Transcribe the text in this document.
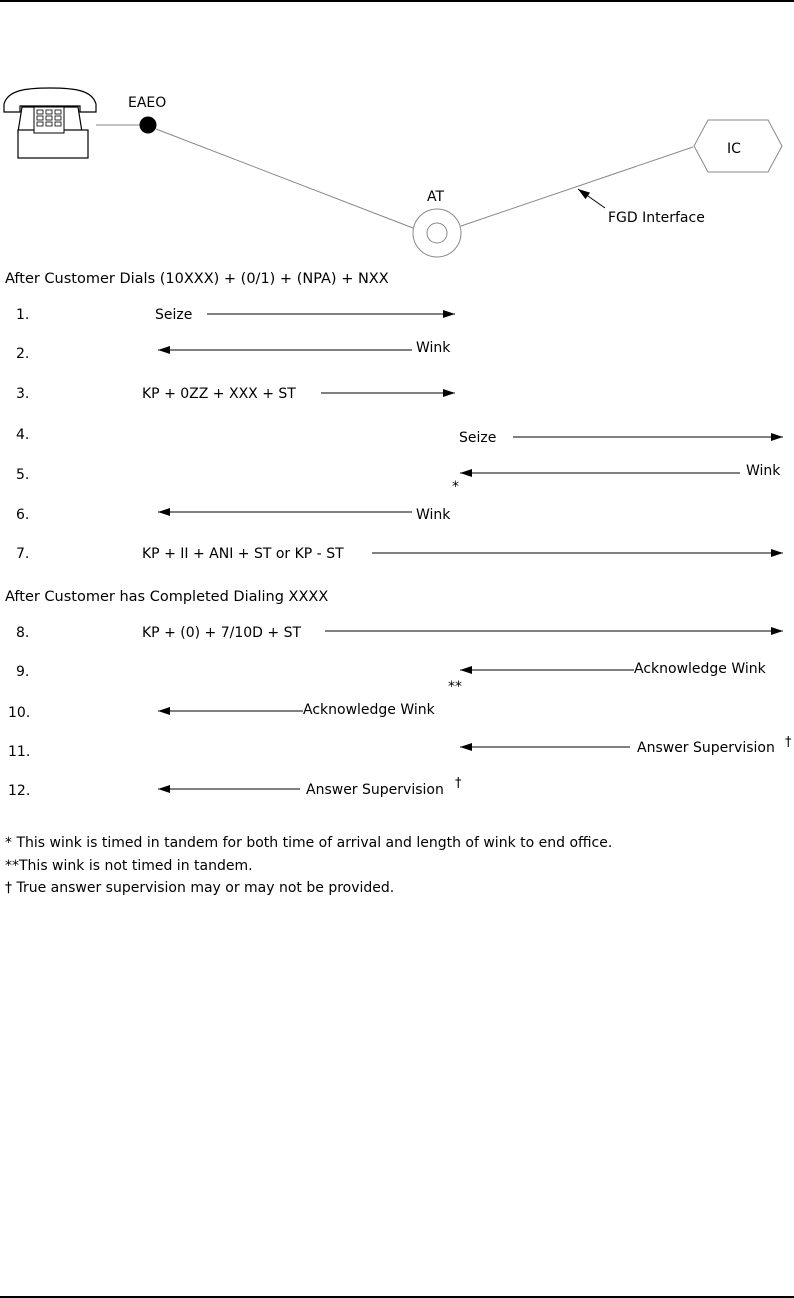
EAEO
AT
IC
FGD Interface
After Customer Dials (10XXX) + (0/1) + (NPA) + NXX
1.	Seize
2.	Wink
3.	KP + 0ZZ + XXX + ST
4.	Seize
5.	Wink
*
6.	Wink
7.	KP + II + ANI + ST or KP - ST
After Customer has Completed Dialing XXXX
8.	KP + (0) + 7/10D + ST
9.	Acknowledge Wink
**
10.	Acknowledge Wink
11.	Answer Supervision †
12.	Answer Supervision †
* This wink is timed in tandem for both time of arrival and length of wink to end office.
**This wink is not timed in tandem.
† True answer supervision may or may not be provided.
